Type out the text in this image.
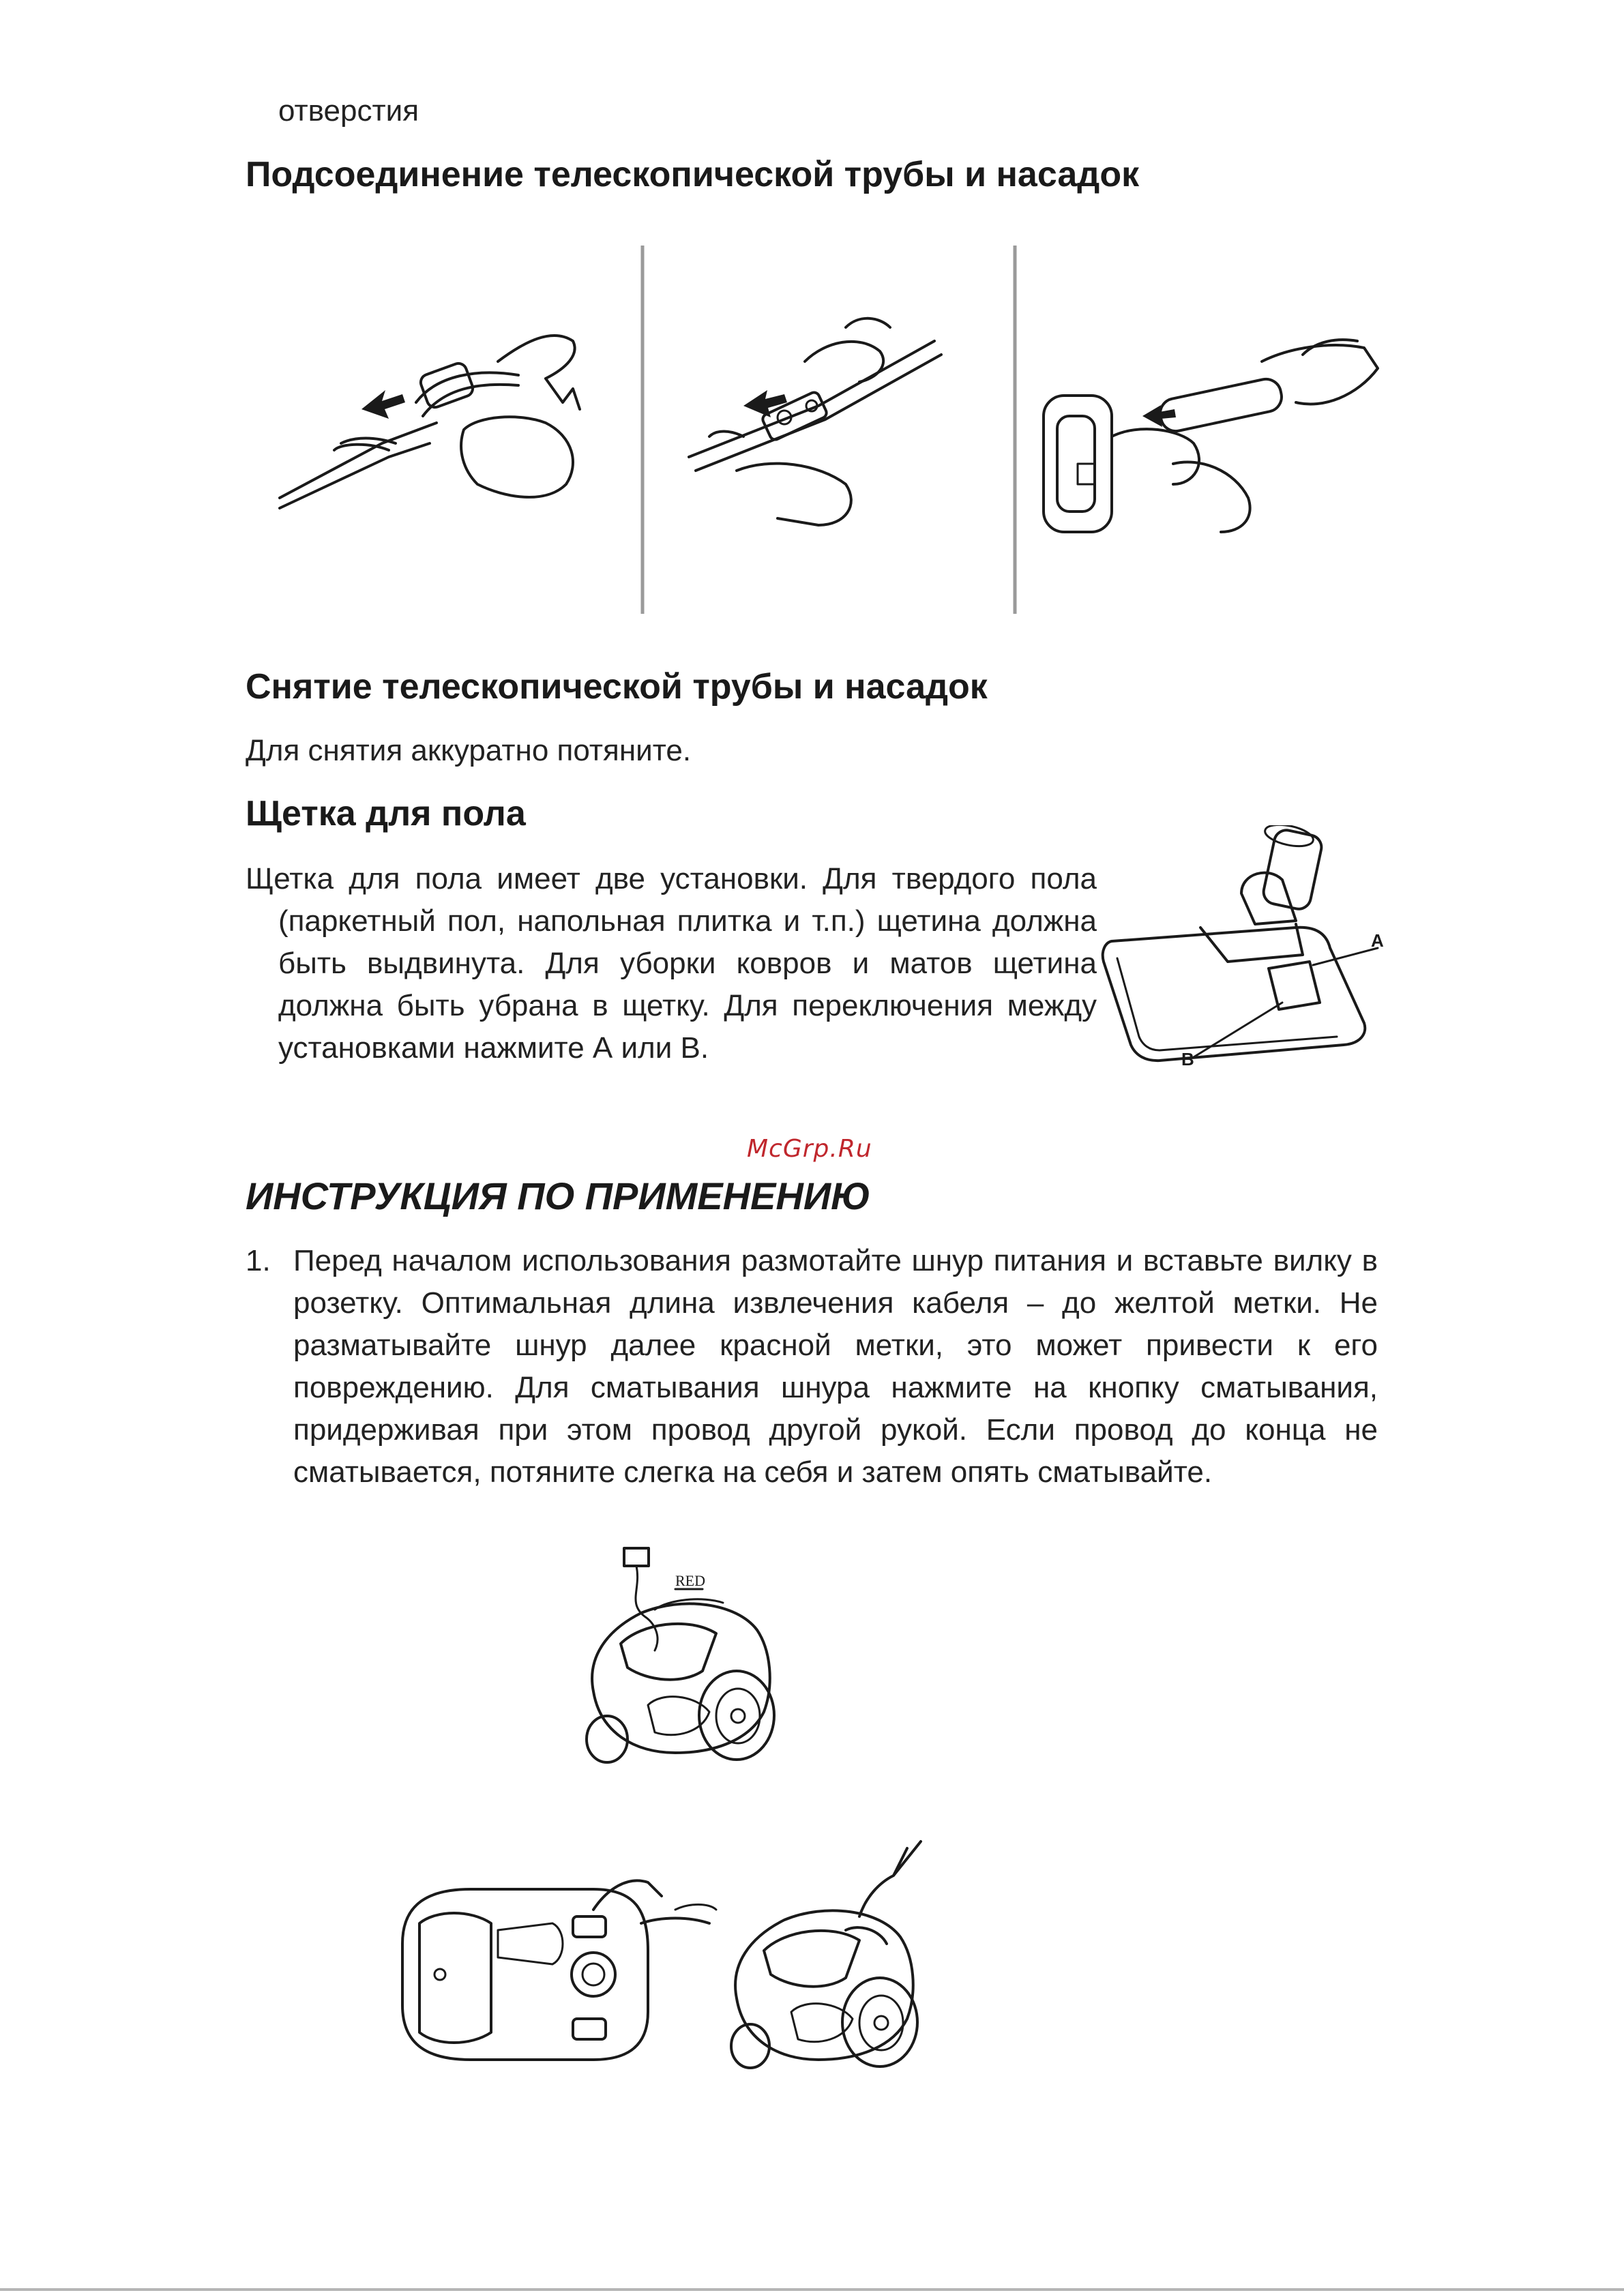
отверстия
Подсоединение телескопической трубы и насадок
Снятие телескопической трубы и насадок
Для снятия аккуратно потяните.
Щетка для пола
Щетка для пола имеет две установки. Для твердого пола (паркетный пол, напольная плитка и т.п.) щетина должна быть выдвинута. Для уборки ковров и матов щетина должна быть убрана в щетку. Для переключения между установками нажмите А или В.
A
B
McGrp.Ru
ИНСТРУКЦИЯ ПО ПРИМЕНЕНИЮ
1. Перед началом использования размотайте шнур питания и вставьте вилку в розетку. Оптимальная длина извлечения кабеля – до желтой метки. Не разматывайте шнур далее красной метки, это может привести к его повреждению. Для сматывания шнура нажмите на кнопку сматывания, придерживая при этом провод другой рукой. Если провод до конца не сматывается, потяните слегка на себя и затем опять сматывайте.
RED
